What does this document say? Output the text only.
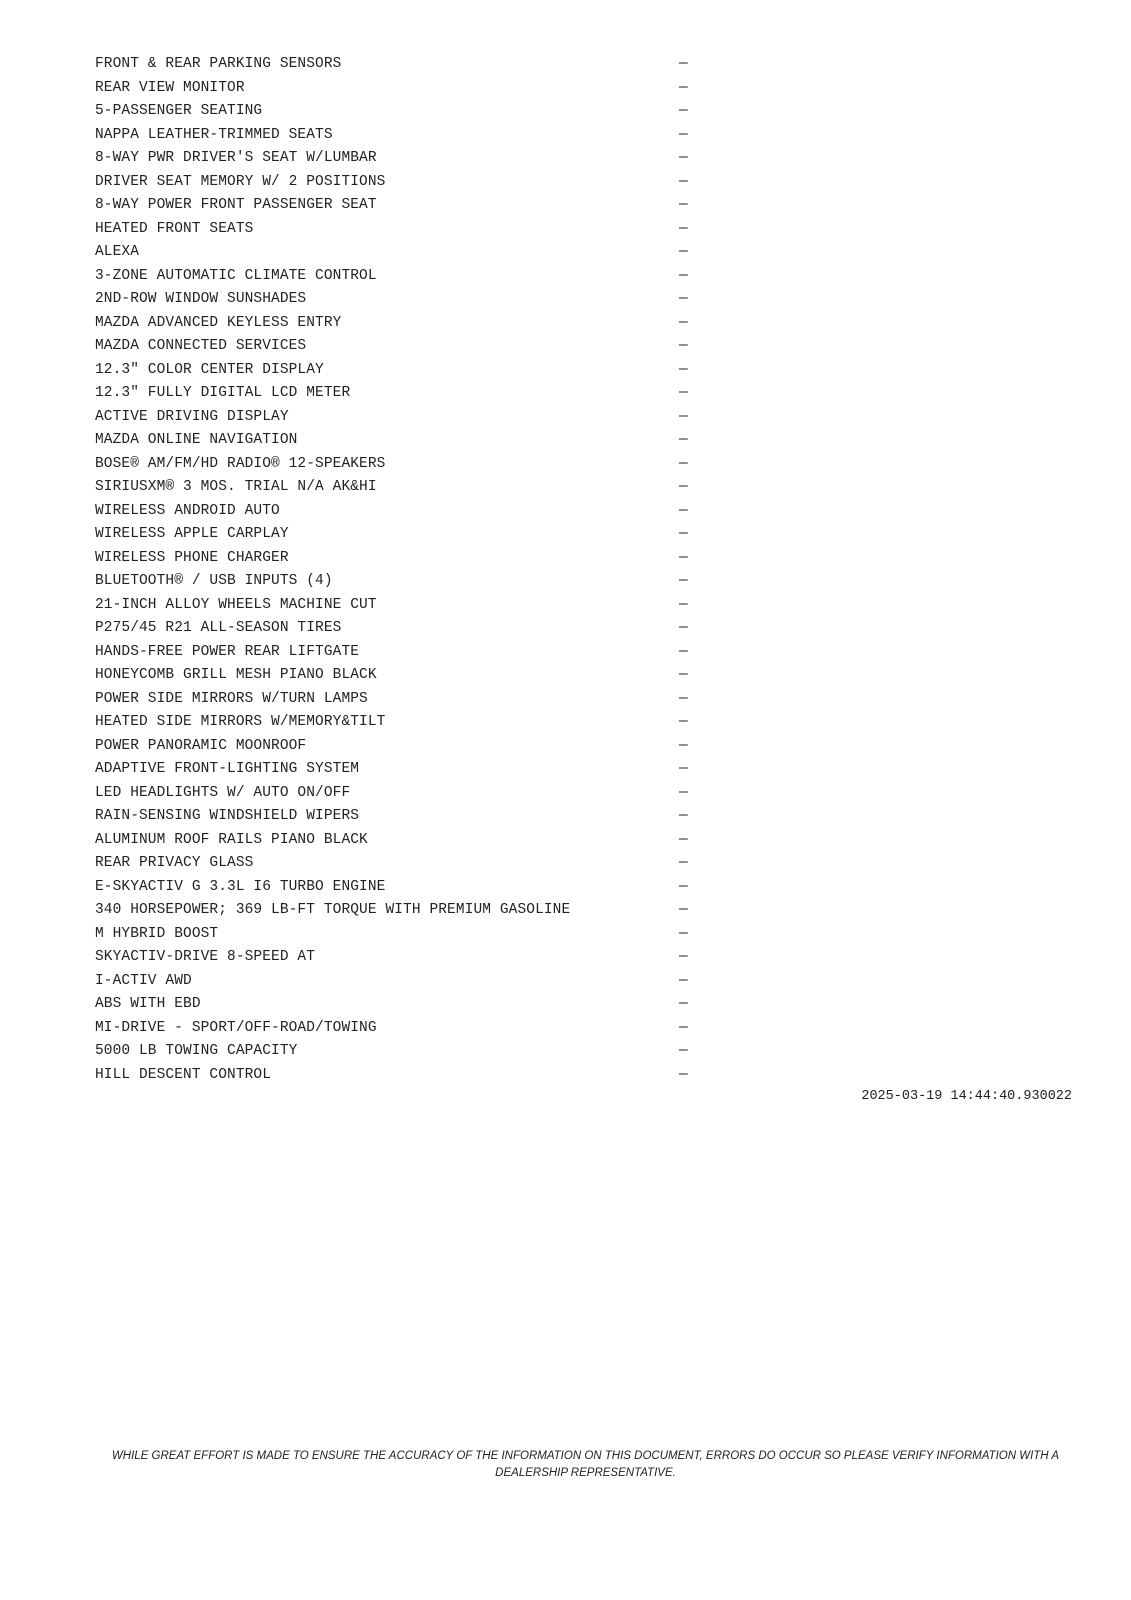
FRONT & REAR PARKING SENSORS	—
REAR VIEW MONITOR	—
5-PASSENGER SEATING	—
NAPPA LEATHER-TRIMMED SEATS	—
8-WAY PWR DRIVER'S SEAT W/LUMBAR	—
DRIVER SEAT MEMORY W/ 2 POSITIONS	—
8-WAY POWER FRONT PASSENGER SEAT	—
HEATED FRONT SEATS	—
ALEXA	—
3-ZONE AUTOMATIC CLIMATE CONTROL	—
2ND-ROW WINDOW SUNSHADES	—
MAZDA ADVANCED KEYLESS ENTRY	—
MAZDA CONNECTED SERVICES	—
12.3" COLOR CENTER DISPLAY	—
12.3" FULLY DIGITAL LCD METER	—
ACTIVE DRIVING DISPLAY	—
MAZDA ONLINE NAVIGATION	—
BOSE® AM/FM/HD RADIO® 12-SPEAKERS	—
SIRIUSXM® 3 MOS. TRIAL N/A AK&HI	—
WIRELESS ANDROID AUTO	—
WIRELESS APPLE CARPLAY	—
WIRELESS PHONE CHARGER	—
BLUETOOTH® / USB INPUTS (4)	—
21-INCH ALLOY WHEELS MACHINE CUT	—
P275/45 R21 ALL-SEASON TIRES	—
HANDS-FREE POWER REAR LIFTGATE	—
HONEYCOMB GRILL MESH PIANO BLACK	—
POWER SIDE MIRRORS W/TURN LAMPS	—
HEATED SIDE MIRRORS W/MEMORY&TILT	—
POWER PANORAMIC MOONROOF	—
ADAPTIVE FRONT-LIGHTING SYSTEM	—
LED HEADLIGHTS W/ AUTO ON/OFF	—
RAIN-SENSING WINDSHIELD WIPERS	—
ALUMINUM ROOF RAILS PIANO BLACK	—
REAR PRIVACY GLASS	—
E-SKYACTIV G 3.3L I6 TURBO ENGINE	—
340 HORSEPOWER; 369 LB-FT TORQUE WITH PREMIUM GASOLINE	—
M HYBRID BOOST	—
SKYACTIV-DRIVE 8-SPEED AT	—
I-ACTIV AWD	—
ABS WITH EBD	—
MI-DRIVE - SPORT/OFF-ROAD/TOWING	—
5000 LB TOWING CAPACITY	—
HILL DESCENT CONTROL	—
2025-03-19 14:44:40.930022
WHILE GREAT EFFORT IS MADE TO ENSURE THE ACCURACY OF THE INFORMATION ON THIS DOCUMENT, ERRORS DO OCCUR SO PLEASE VERIFY INFORMATION WITH A DEALERSHIP REPRESENTATIVE.
